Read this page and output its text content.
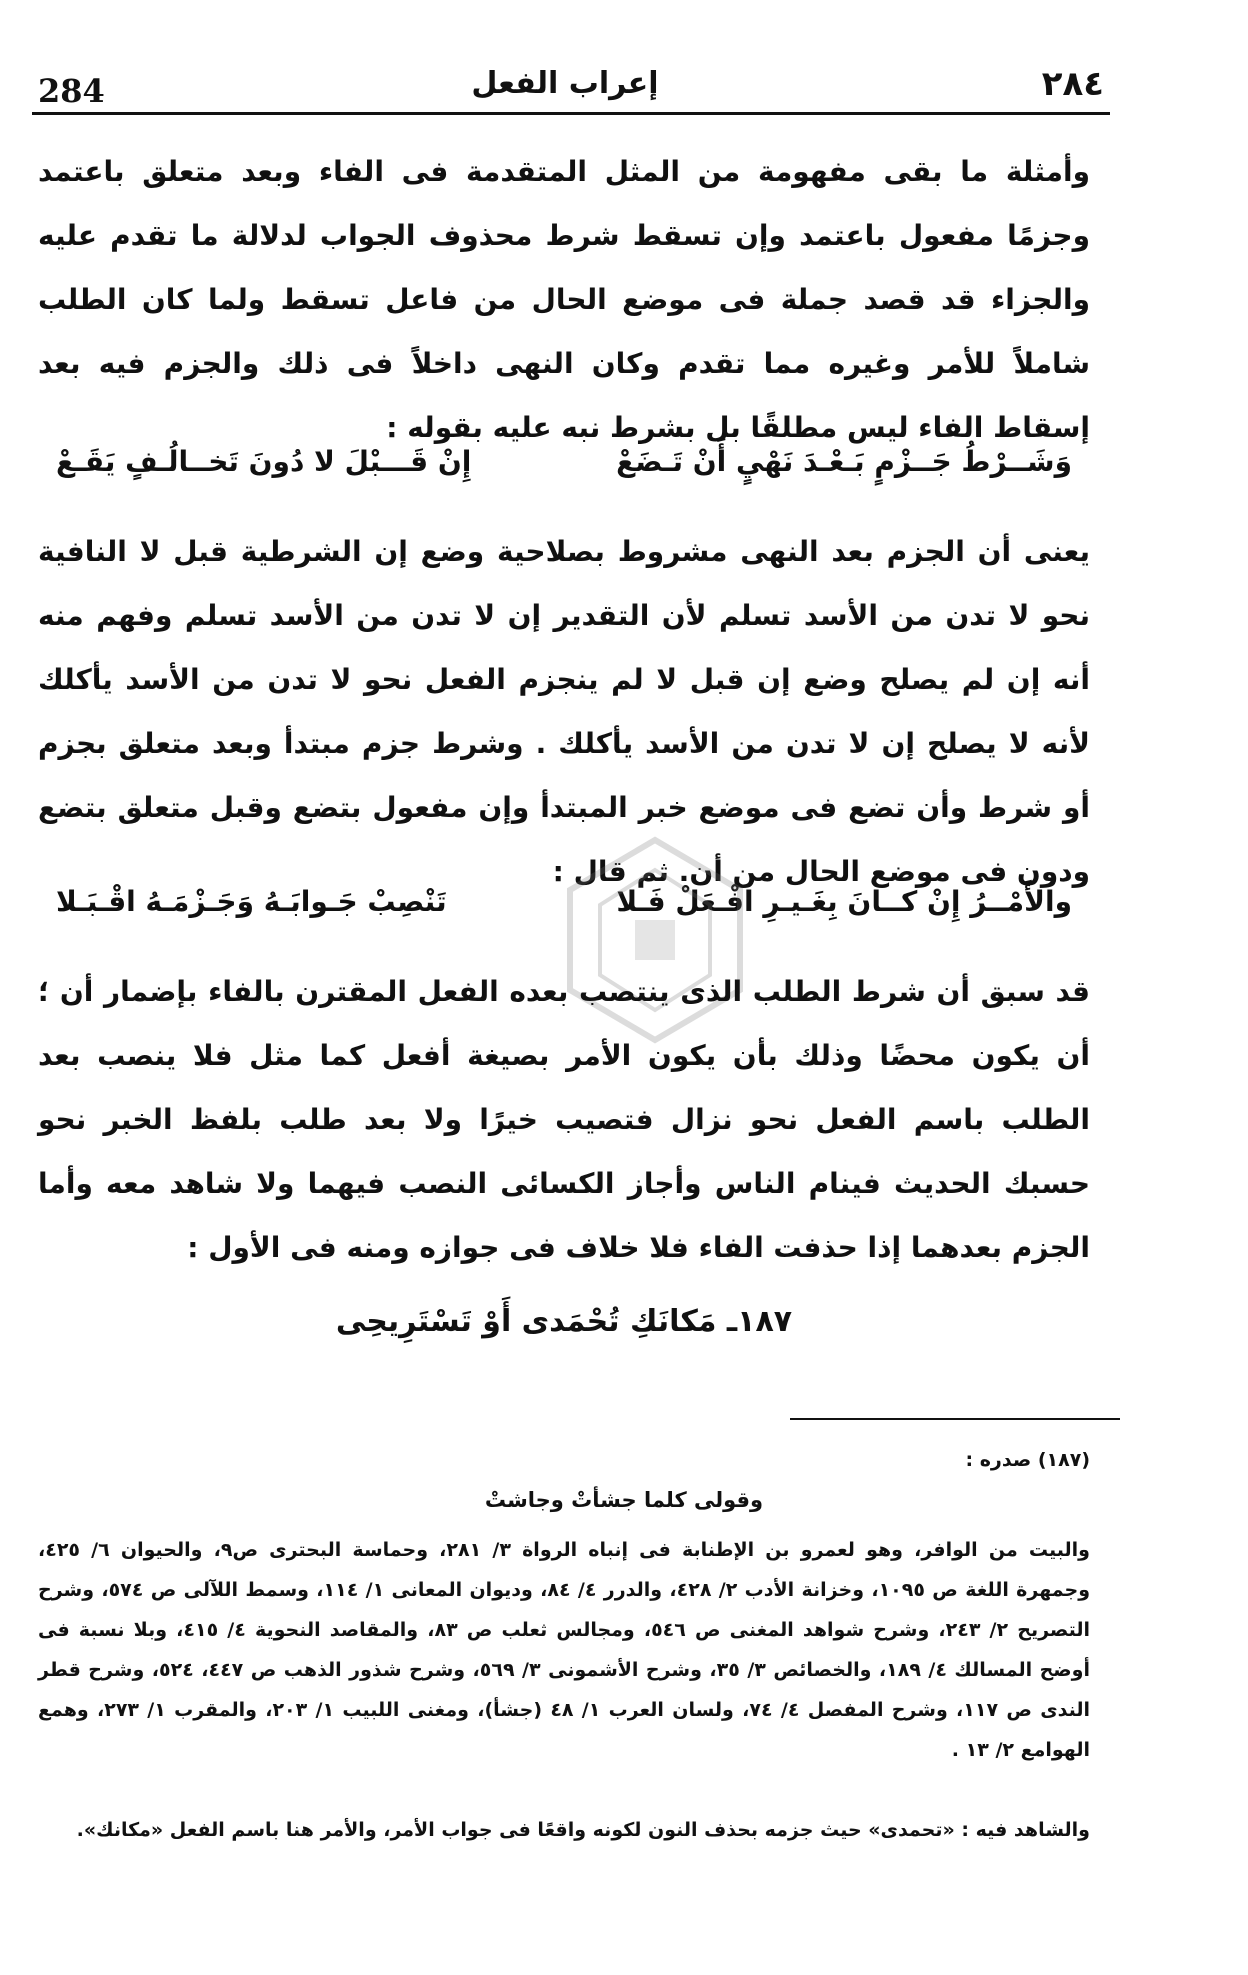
284	إعراب الفعل	٢٨٤

وأمثلة ما بقى مفهومة من المثل المتقدمة فى الفاء وبعد متعلق باعتمد وجزمًا مفعول باعتمد وإن تسقط شرط محذوف الجواب لدلالة ما تقدم عليه والجزاء قد قصد جملة فى موضع الحال من فاعل تسقط ولما كان الطلب شاملاً للأمر وغيره مما تقدم وكان النهى داخلاً فى ذلك والجزم فيه بعد إسقاط الفاء ليس مطلقًا بل بشرط نبه عليه بقوله :

وَشَــرْطُ جَــزْمٍ بَـعْـدَ نَهْيٍ أَنْ تَـضَعْ
إِنْ قَـــبْلَ لا دُونَ تَخــالُـفٍ يَقَـعْ

يعنى أن الجزم بعد النهى مشروط بصلاحية وضع إن الشرطية قبل لا النافية نحو لا تدن من الأسد تسلم لأن التقدير إن لا تدن من الأسد تسلم وفهم منه أنه إن لم يصلح وضع إن قبل لا لم ينجزم الفعل نحو لا تدن من الأسد يأكلك لأنه لا يصلح إن لا تدن من الأسد يأكلك . وشرط جزم مبتدأ وبعد متعلق بجزم أو شرط وأن تضع فى موضع خبر المبتدأ وإن مفعول بتضع وقبل متعلق بتضع ودون فى موضع الحال من أن. ثم قال :

والأَمْــرُ إِنْ كــانَ بِغَـيـرِ افْـعَلْ فَـلا
تَنْصِبْ جَـوابَـهُ وَجَـزْمَـهُ اقْـبَـلا

قد سبق أن شرط الطلب الذى ينتصب بعده الفعل المقترن بالفاء بإضمار أن ؛ أن يكون محضًا وذلك بأن يكون الأمر بصيغة أفعل كما مثل فلا ينصب بعد الطلب باسم الفعل نحو نزال فتصيب خيرًا ولا بعد طلب بلفظ الخبر نحو حسبك الحديث فينام الناس وأجاز الكسائى النصب فيهما ولا شاهد معه وأما الجزم بعدهما إذا حذفت الفاء فلا خلاف فى جوازه ومنه فى الأول :

١٨٧ـ مَكانَكِ تُحْمَدى أَوْ تَسْتَرِيحِى
(١٨٧) صدره :
وقولى كلما جشأتْ وجاشتْ
والبيت من الوافر، وهو لعمرو بن الإطنابة فى إنباه الرواة ٣/ ٢٨١، وحماسة البحترى ص٩، والحيوان ٦/ ٤٢٥، وجمهرة اللغة ص ١٠٩٥، وخزانة الأدب ٢/ ٤٢٨، والدرر ٤/ ٨٤، وديوان المعانى ١/ ١١٤، وسمط اللآلى ص ٥٧٤، وشرح التصريح ٢/ ٢٤٣، وشرح شواهد المغنى ص ٥٤٦، ومجالس ثعلب ص ٨٣، والمقاصد النحوية ٤/ ٤١٥، وبلا نسبة فى أوضح المسالك ٤/ ١٨٩، والخصائص ٣/ ٣٥، وشرح الأشمونى ٣/ ٥٦٩، وشرح شذور الذهب ص ٤٤٧، ٥٢٤، وشرح قطر الندى ص ١١٧، وشرح المفصل ٤/ ٧٤، ولسان العرب ١/ ٤٨ (جشأ)، ومغنى اللبيب ١/ ٢٠٣، والمقرب ١/ ٢٧٣، وهمع الهوامع ٢/ ١٣ .
والشاهد فيه : «تحمدى» حيث جزمه بحذف النون لكونه واقعًا فى جواب الأمر، والأمر هنا باسم الفعل «مكانك».
